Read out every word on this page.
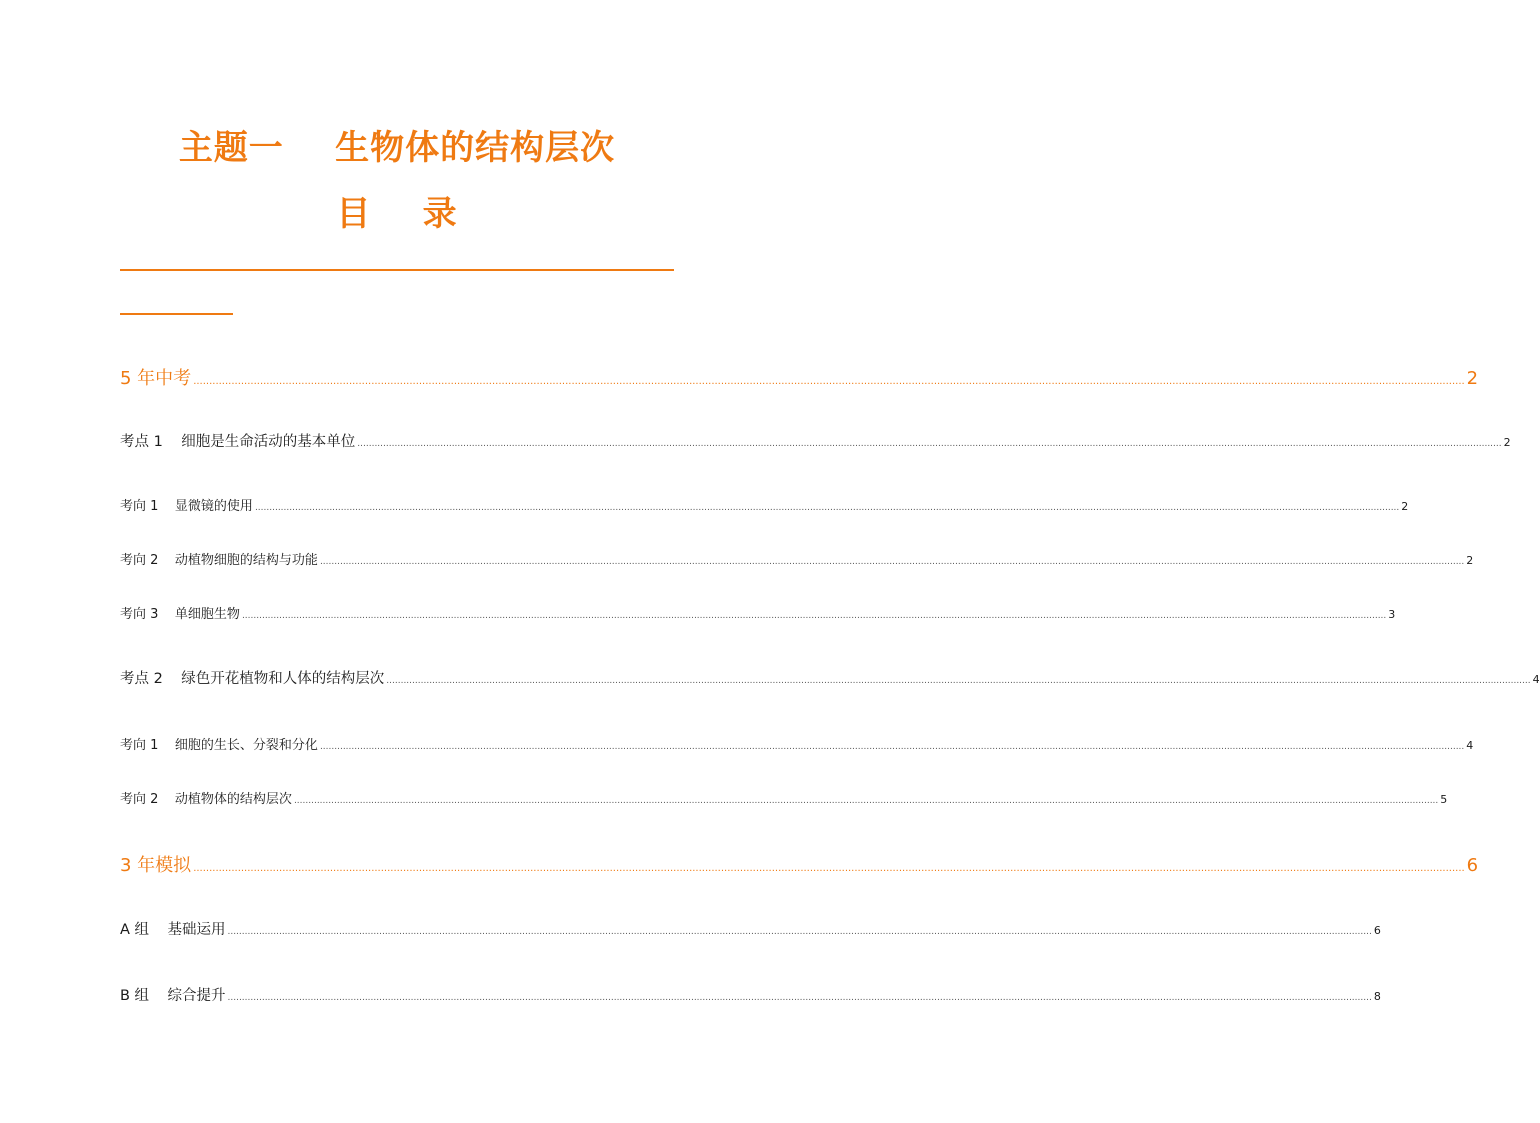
主题一    生物体的结构层次
目    录
5 年中考 ................................................................................................................................................................................................................................................................................................................................................................................................................ 2
考点 1    细胞是生命活动的基本单位 ................................................................................................................................................................................................................................................................................................................................................................................................................ 2
考向 1    显微镜的使用 ................................................................................................................................................................................................................................................................................................................................................................................................................ 2
考向 2    动植物细胞的结构与功能 ................................................................................................................................................................................................................................................................................................................................................................................................................ 2
考向 3    单细胞生物 ................................................................................................................................................................................................................................................................................................................................................................................................................ 3
考点 2    绿色开花植物和人体的结构层次 ................................................................................................................................................................................................................................................................................................................................................................................................................ 4
考向 1    细胞的生长、分裂和分化 ................................................................................................................................................................................................................................................................................................................................................................................................................ 4
考向 2    动植物体的结构层次 ................................................................................................................................................................................................................................................................................................................................................................................................................ 5
3 年模拟 ................................................................................................................................................................................................................................................................................................................................................................................................................ 6
A 组    基础运用 ................................................................................................................................................................................................................................................................................................................................................................................................................ 6
B 组    综合提升 ................................................................................................................................................................................................................................................................................................................................................................................................................ 8
